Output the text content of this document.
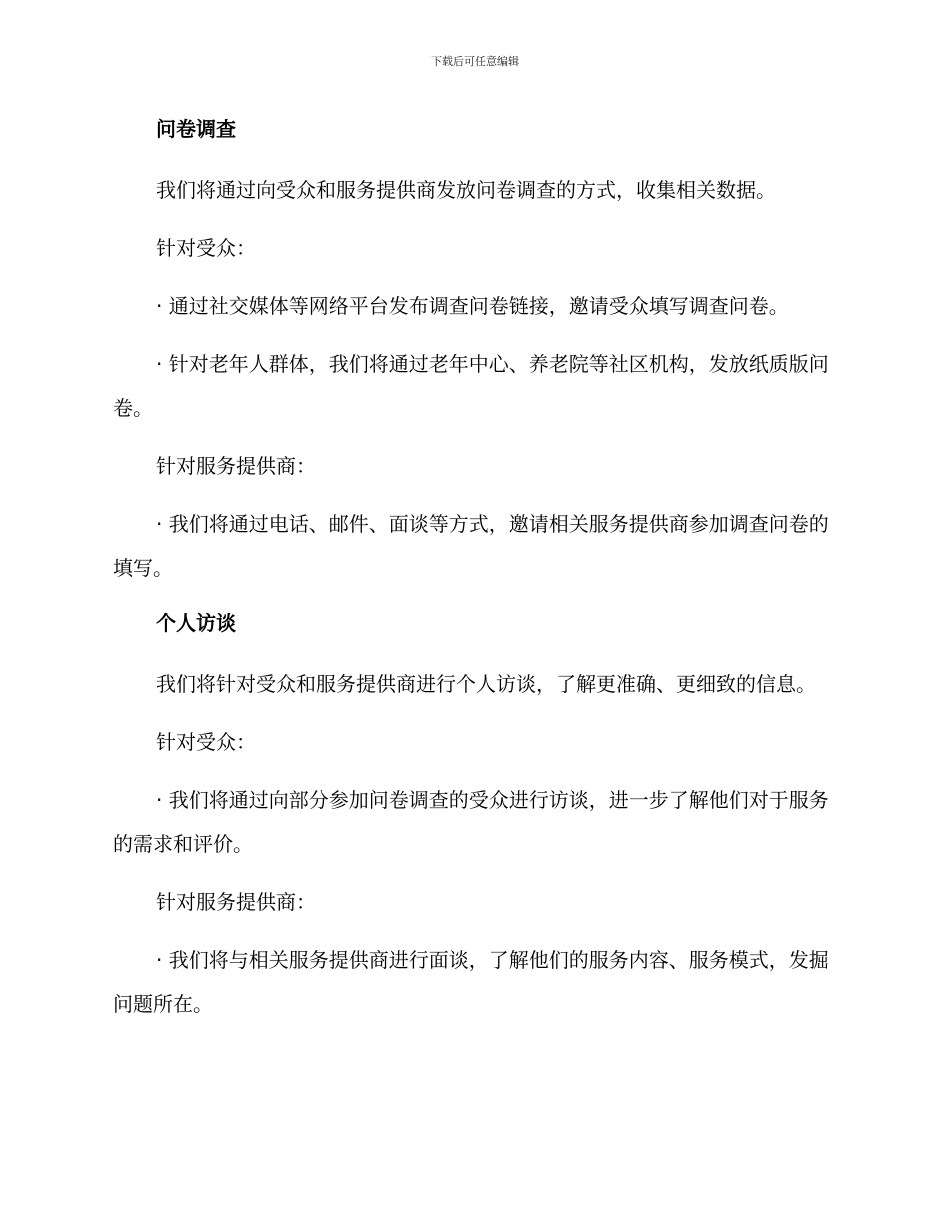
下载后可任意编辑

问卷调查

我们将通过向受众和服务提供商发放问卷调查的方式，收集相关数据。

针对受众：

· 通过社交媒体等网络平台发布调查问卷链接，邀请受众填写调查问卷。

· 针对老年人群体，我们将通过老年中心、养老院等社区机构，发放纸质版问卷。

针对服务提供商：

· 我们将通过电话、邮件、面谈等方式，邀请相关服务提供商参加调查问卷的填写。

个人访谈

我们将针对受众和服务提供商进行个人访谈，了解更准确、更细致的信息。

针对受众：

· 我们将通过向部分参加问卷调查的受众进行访谈，进一步了解他们对于服务的需求和评价。

针对服务提供商：

· 我们将与相关服务提供商进行面谈，了解他们的服务内容、服务模式，发掘问题所在。
